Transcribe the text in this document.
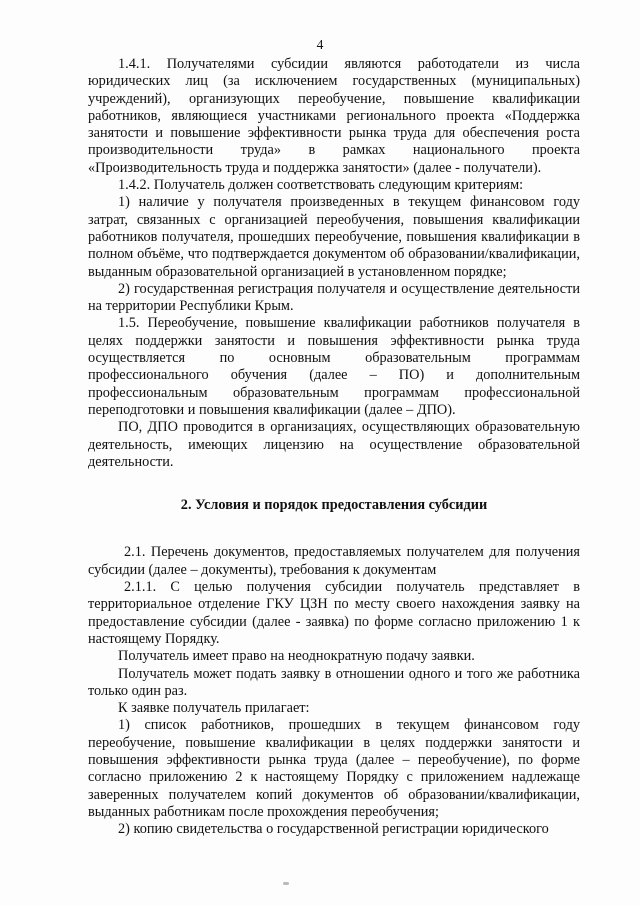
4

1.4.1. Получателями субсидии являются работодатели из числа юридических лиц (за исключением государственных (муниципальных) учреждений), организующих переобучение, повышение квалификации работников, являющиеся участниками регионального проекта «Поддержка занятости и повышение эффективности рынка труда для обеспечения роста производительности труда» в рамках национального проекта «Производительность труда и поддержка занятости» (далее - получатели).

1.4.2. Получатель должен соответствовать следующим критериям:

1) наличие у получателя произведенных в текущем финансовом году затрат, связанных с организацией переобучения, повышения квалификации работников получателя, прошедших переобучение, повышения квалификации в полном объёме, что подтверждается документом об образовании/квалификации, выданным образовательной организацией в установленном порядке;

2) государственная регистрация получателя и осуществление деятельности на территории Республики Крым.

1.5. Переобучение, повышение квалификации работников получателя в целях поддержки занятости и повышения эффективности рынка труда осуществляется по основным образовательным программам профессионального обучения (далее – ПО) и дополнительным профессиональным образовательным программам профессиональной переподготовки и повышения квалификации (далее – ДПО).

ПО, ДПО проводится в организациях, осуществляющих образовательную деятельность, имеющих лицензию на осуществление образовательной деятельности.

2. Условия и порядок предоставления субсидии

2.1. Перечень документов, предоставляемых получателем для получения субсидии (далее – документы), требования к документам

2.1.1. С целью получения субсидии получатель представляет в территориальное отделение ГКУ ЦЗН по месту своего нахождения заявку на предоставление субсидии (далее - заявка) по форме согласно приложению 1 к настоящему Порядку.

Получатель имеет право на неоднократную подачу заявки.

Получатель может подать заявку в отношении одного и того же работника только один раз.

К заявке получатель прилагает:

1) список работников, прошедших в текущем финансовом году переобучение, повышение квалификации в целях поддержки занятости и повышения эффективности рынка труда (далее – переобучение), по форме согласно приложению 2 к настоящему Порядку с приложением надлежаще заверенных получателем копий документов об образовании/квалификации, выданных работникам после прохождения переобучения;

2) копию свидетельства о государственной регистрации юридического
